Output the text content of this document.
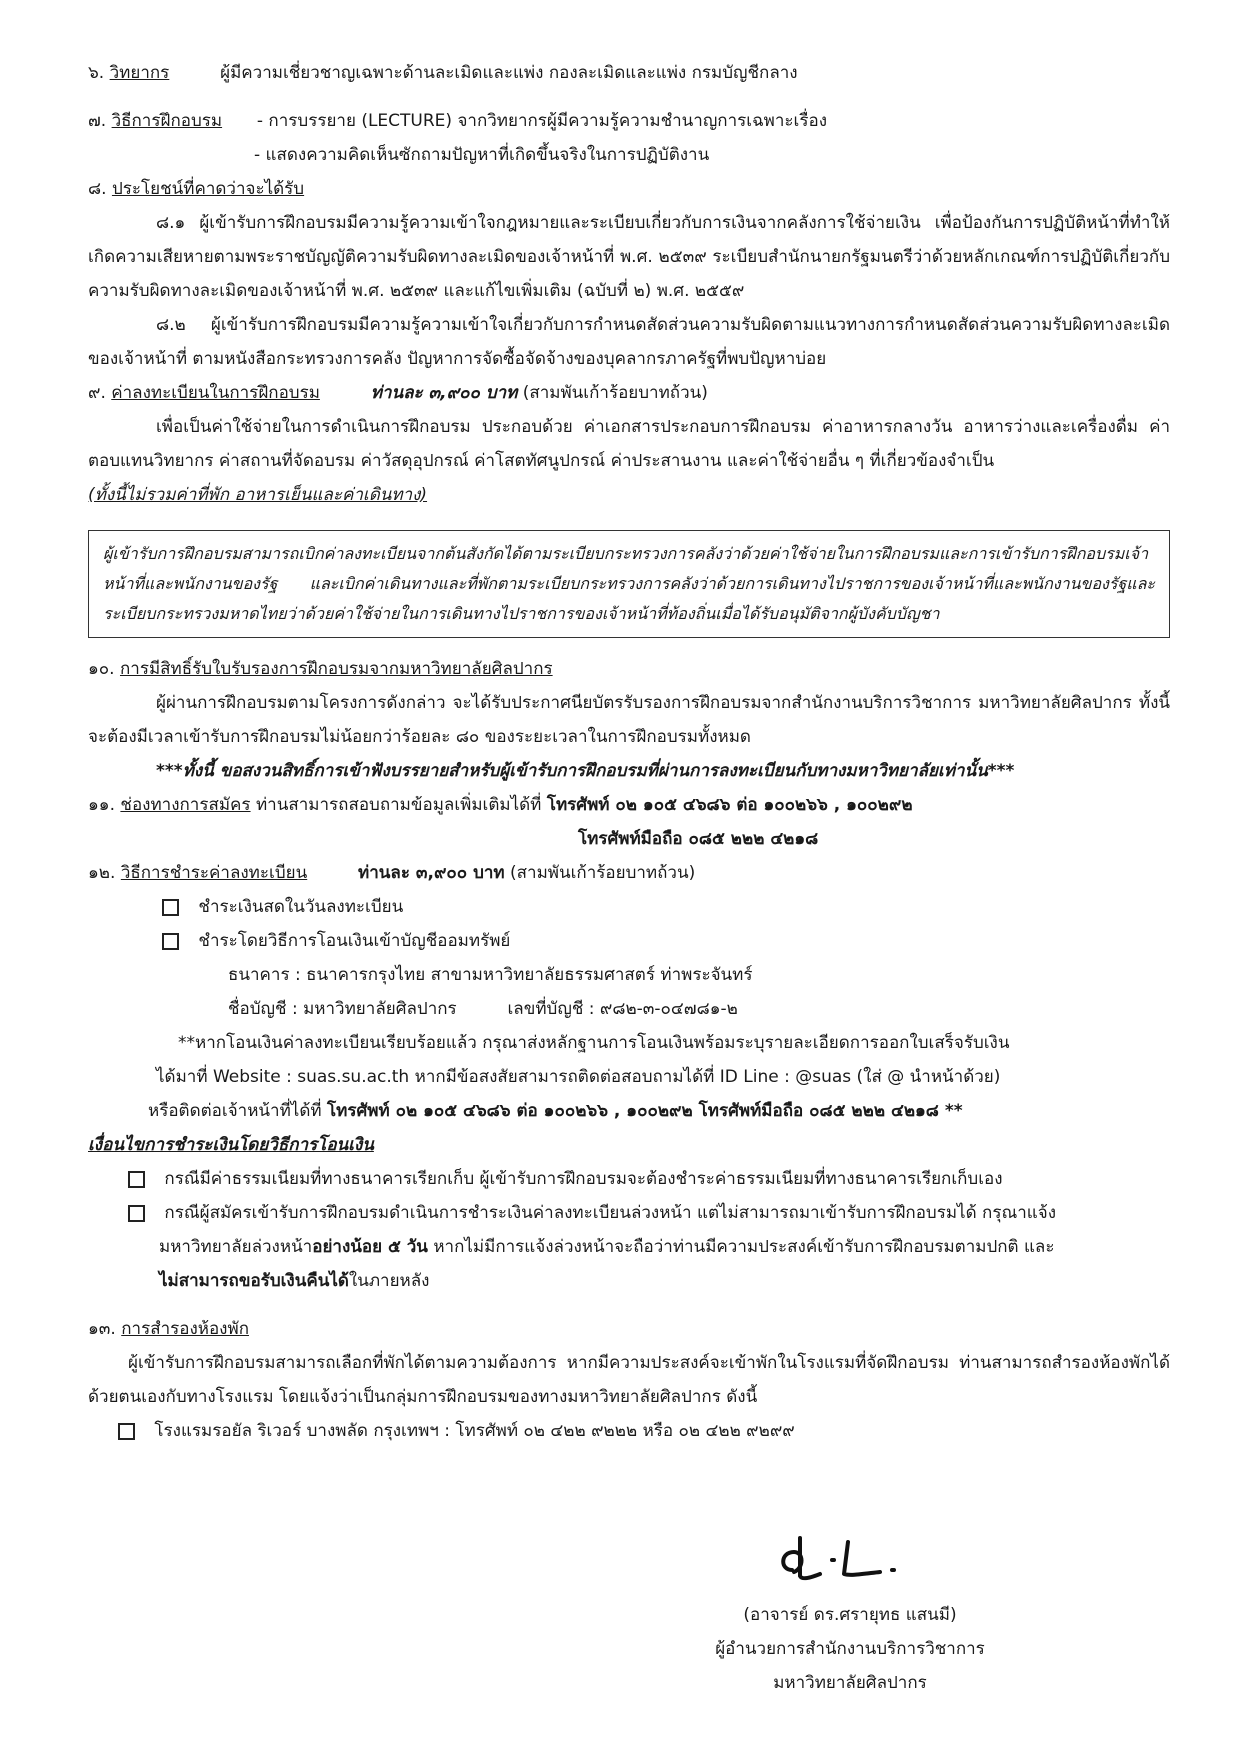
๖. วิทยากร	ผู้มีความเชี่ยวชาญเฉพาะด้านละเมิดและแพ่ง กองละเมิดและแพ่ง กรมบัญชีกลาง
๗. วิธีการฝึกอบรม - การบรรยาย (LECTURE) จากวิทยากรผู้มีความรู้ความชำนาญการเฉพาะเรื่อง
- แสดงความคิดเห็นซักถามปัญหาที่เกิดขึ้นจริงในการปฏิบัติงาน
๘. ประโยชน์ที่คาดว่าจะได้รับ
๘.๑ ผู้เข้ารับการฝึกอบรมมีความรู้ความเข้าใจกฎหมายและระเบียบเกี่ยวกับการเงินจากคลังการใช้จ่ายเงิน เพื่อป้องกันการปฏิบัติหน้าที่ทำให้เกิดความเสียหายตามพระราชบัญญัติความรับผิดทางละเมิดของเจ้าหน้าที่ พ.ศ. ๒๕๓๙ ระเบียบสำนักนายกรัฐมนตรีว่าด้วยหลักเกณฑ์การปฏิบัติเกี่ยวกับความรับผิดทางละเมิดของเจ้าหน้าที่ พ.ศ. ๒๕๓๙ และแก้ไขเพิ่มเติม (ฉบับที่ ๒) พ.ศ. ๒๕๕๙
๘.๒ ผู้เข้ารับการฝึกอบรมมีความรู้ความเข้าใจเกี่ยวกับการกำหนดสัดส่วนความรับผิดตามแนวทางการกำหนดสัดส่วนความรับผิดทางละเมิดของเจ้าหน้าที่ ตามหนังสือกระทรวงการคลัง ปัญหาการจัดซื้อจัดจ้างของบุคลากรภาครัฐที่พบปัญหาบ่อย
๙. ค่าลงทะเบียนในการฝึกอบรม	ท่านละ ๓,๙๐๐ บาท (สามพันเก้าร้อยบาทถ้วน)
เพื่อเป็นค่าใช้จ่ายในการดำเนินการฝึกอบรม ประกอบด้วย ค่าเอกสารประกอบการฝึกอบรม ค่าอาหารกลางวัน อาหารว่างและเครื่องดื่ม ค่าตอบแทนวิทยากร ค่าสถานที่จัดอบรม ค่าวัสดุอุปกรณ์ ค่าโสตทัศนูปกรณ์ ค่าประสานงาน และค่าใช้จ่ายอื่น ๆ ที่เกี่ยวข้องจำเป็น
(ทั้งนี้ไม่รวมค่าที่พัก อาหารเย็นและค่าเดินทาง)
ผู้เข้ารับการฝึกอบรมสามารถเบิกค่าลงทะเบียนจากต้นสังกัดได้ตามระเบียบกระทรวงการคลังว่าด้วยค่าใช้จ่ายในการฝึกอบรมและการเข้ารับการฝึกอบรมเจ้าหน้าที่และพนักงานของรัฐ และเบิกค่าเดินทางและที่พักตามระเบียบกระทรวงการคลังว่าด้วยการเดินทางไปราชการของเจ้าหน้าที่และพนักงานของรัฐและระเบียบกระทรวงมหาดไทยว่าด้วยค่าใช้จ่ายในการเดินทางไปราชการของเจ้าหน้าที่ท้องถิ่นเมื่อได้รับอนุมัติจากผู้บังคับบัญชา
๑๐. การมีสิทธิ์รับใบรับรองการฝึกอบรมจากมหาวิทยาลัยศิลปากร
ผู้ผ่านการฝึกอบรมตามโครงการดังกล่าว จะได้รับประกาศนียบัตรรับรองการฝึกอบรมจากสำนักงานบริการวิชาการ มหาวิทยาลัยศิลปากร ทั้งนี้จะต้องมีเวลาเข้ารับการฝึกอบรมไม่น้อยกว่าร้อยละ ๘๐ ของระยะเวลาในการฝึกอบรมทั้งหมด
***ทั้งนี้ ขอสงวนสิทธิ์การเข้าฟังบรรยายสำหรับผู้เข้ารับการฝึกอบรมที่ผ่านการลงทะเบียนกับทางมหาวิทยาลัยเท่านั้น***
๑๑. ช่องทางการสมัคร ท่านสามารถสอบถามข้อมูลเพิ่มเติมได้ที่ โทรศัพท์ ๐๒ ๑๐๕ ๔๖๘๖ ต่อ ๑๐๐๒๖๖ , ๑๐๐๒๙๒
โทรศัพท์มือถือ ๐๘๕ ๒๒๒ ๔๒๑๘
๑๒. วิธีการชำระค่าลงทะเบียน	ท่านละ ๓,๙๐๐ บาท (สามพันเก้าร้อยบาทถ้วน)
ชำระเงินสดในวันลงทะเบียน
ชำระโดยวิธีการโอนเงินเข้าบัญชีออมทรัพย์
ธนาคาร : ธนาคารกรุงไทย สาขามหาวิทยาลัยธรรมศาสตร์ ท่าพระจันทร์
ชื่อบัญชี : มหาวิทยาลัยศิลปากร	เลขที่บัญชี : ๙๘๒-๓-๐๔๗๘๑-๒
**หากโอนเงินค่าลงทะเบียนเรียบร้อยแล้ว กรุณาส่งหลักฐานการโอนเงินพร้อมระบุรายละเอียดการออกใบเสร็จรับเงิน
ได้มาที่ Website : suas.su.ac.th หากมีข้อสงสัยสามารถติดต่อสอบถามได้ที่ ID Line : @suas (ใส่ @ นำหน้าด้วย)
หรือติดต่อเจ้าหน้าที่ได้ที่ โทรศัพท์ ๐๒ ๑๐๕ ๔๖๘๖ ต่อ ๑๐๐๒๖๖ , ๑๐๐๒๙๒ โทรศัพท์มือถือ ๐๘๕ ๒๒๒ ๔๒๑๘ **
เงื่อนไขการชำระเงินโดยวิธีการโอนเงิน
กรณีมีค่าธรรมเนียมที่ทางธนาคารเรียกเก็บ ผู้เข้ารับการฝึกอบรมจะต้องชำระค่าธรรมเนียมที่ทางธนาคารเรียกเก็บเอง
กรณีผู้สมัครเข้ารับการฝึกอบรมดำเนินการชำระเงินค่าลงทะเบียนล่วงหน้า แต่ไม่สามารถมาเข้ารับการฝึกอบรมได้ กรุณาแจ้ง
มหาวิทยาลัยล่วงหน้าอย่างน้อย ๕ วัน หากไม่มีการแจ้งล่วงหน้าจะถือว่าท่านมีความประสงค์เข้ารับการฝึกอบรมตามปกติ และ
ไม่สามารถขอรับเงินคืนได้ในภายหลัง
๑๓. การสำรองห้องพัก
ผู้เข้ารับการฝึกอบรมสามารถเลือกที่พักได้ตามความต้องการ หากมีความประสงค์จะเข้าพักในโรงแรมที่จัดฝึกอบรม ท่านสามารถสำรองห้องพักได้ด้วยตนเองกับทางโรงแรม โดยแจ้งว่าเป็นกลุ่มการฝึกอบรมของทางมหาวิทยาลัยศิลปากร ดังนี้
โรงแรมรอยัล ริเวอร์ บางพลัด กรุงเทพฯ : โทรศัพท์ ๐๒ ๔๒๒ ๙๒๒๒ หรือ ๐๒ ๔๒๒ ๙๒๙๙
(อาจารย์ ดร.ศรายุทธ แสนมี)
ผู้อำนวยการสำนักงานบริการวิชาการ
มหาวิทยาลัยศิลปากร
